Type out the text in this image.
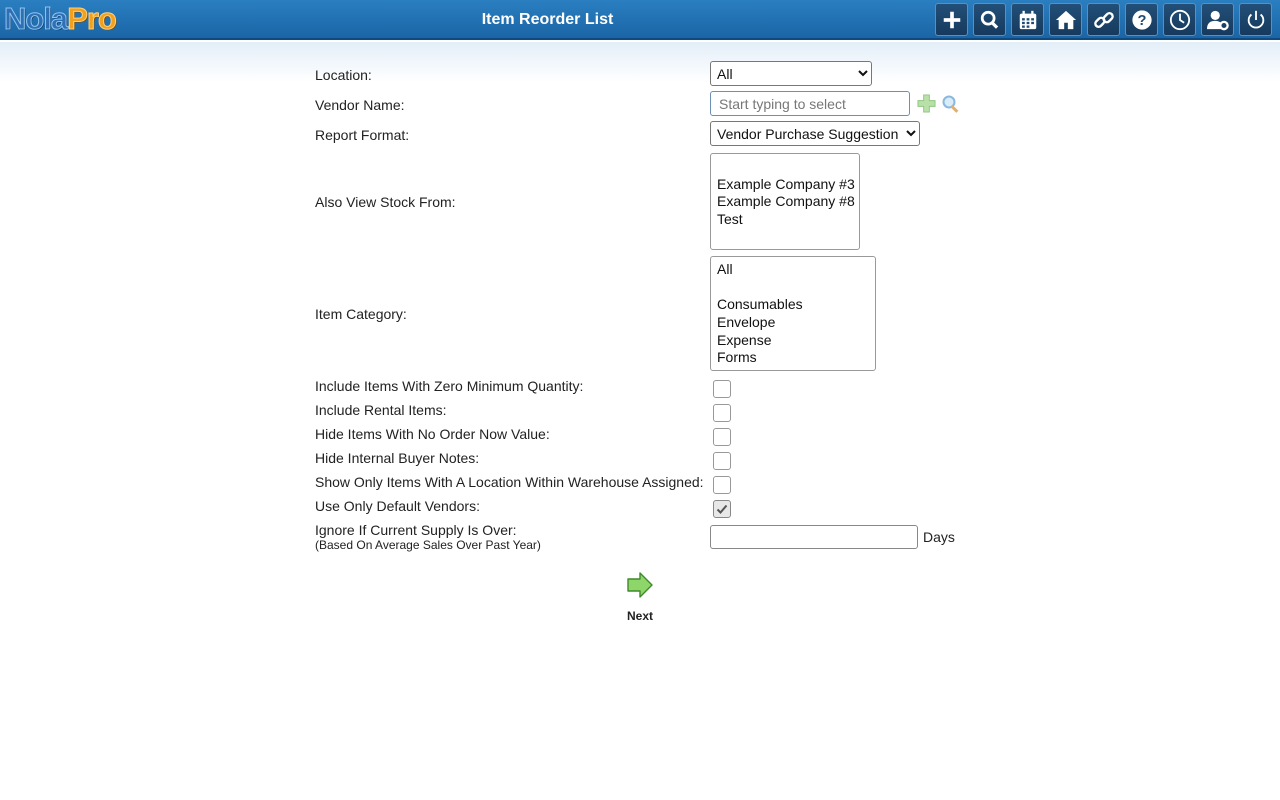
NolaPro	Item Reorder List	?
Location:
All
Vendor Name:
Start typing to select
Report Format:
Vendor Purchase Suggestion
Also View Stock From:
Example Company #3
Example Company #8
Test
Item Category:
All
Consumables
Envelope
Expense
Forms
Include Items With Zero Minimum Quantity:
Include Rental Items:
Hide Items With No Order Now Value:
Hide Internal Buyer Notes:
Show Only Items With A Location Within Warehouse Assigned:
Use Only Default Vendors:
Ignore If Current Supply Is Over:
(Based On Average Sales Over Past Year)	Days
Next
